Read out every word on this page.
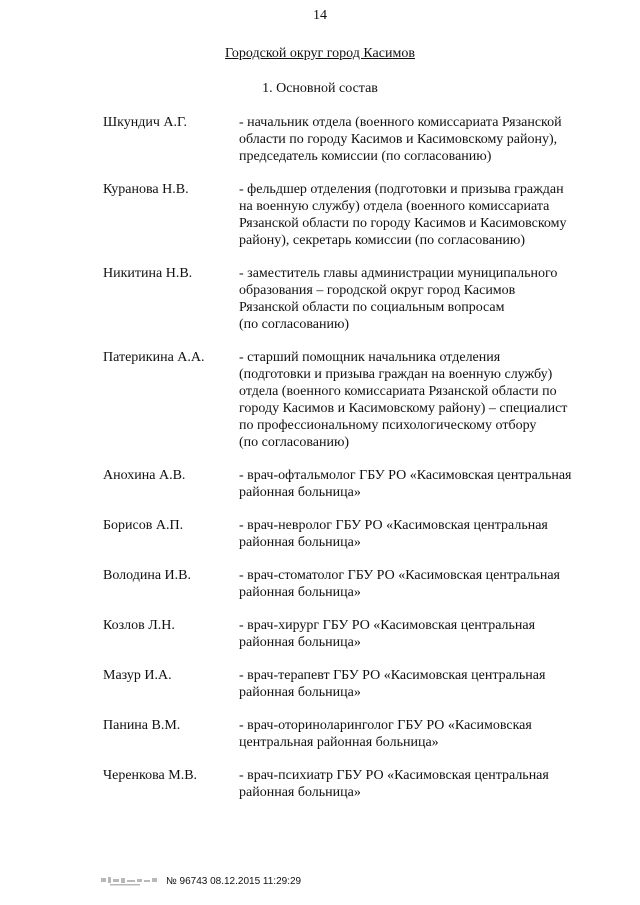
14
Городской округ город Касимов
1. Основной состав
Шкундич А.Г.	- начальник отдела (военного комиссариата Рязанской
области по городу Касимов и Касимовскому району),
председатель комиссии (по согласованию)
Куранова Н.В.	- фельдшер отделения (подготовки и призыва граждан
на военную службу) отдела (военного комиссариата
Рязанской области по городу Касимов и Касимовскому
району), секретарь комиссии (по согласованию)
Никитина Н.В.	- заместитель главы администрации муниципального
образования – городской округ город Касимов
Рязанской области по социальным вопросам
(по согласованию)
Патерикина А.А.	- старший помощник начальника отделения
(подготовки и призыва граждан на военную службу)
отдела (военного комиссариата Рязанской области по
городу Касимов и Касимовскому району) – специалист
по профессиональному психологическому отбору
(по согласованию)
Анохина А.В.	- врач-офтальмолог ГБУ РО «Касимовская центральная
районная больница»
Борисов А.П.	- врач-невролог ГБУ РО «Касимовская центральная
районная больница»
Володина И.В.	- врач-стоматолог ГБУ РО «Касимовская центральная
районная больница»
Козлов Л.Н.	- врач-хирург ГБУ РО «Касимовская центральная
районная больница»
Мазур И.А.	- врач-терапевт ГБУ РО «Касимовская центральная
районная больница»
Панина В.М.	- врач-оториноларинголог ГБУ РО «Касимовская
центральная районная больница»
Черенкова М.В.	- врач-психиатр ГБУ РО «Касимовская центральная
районная больница»
№ 96743 08.12.2015 11:29:29
